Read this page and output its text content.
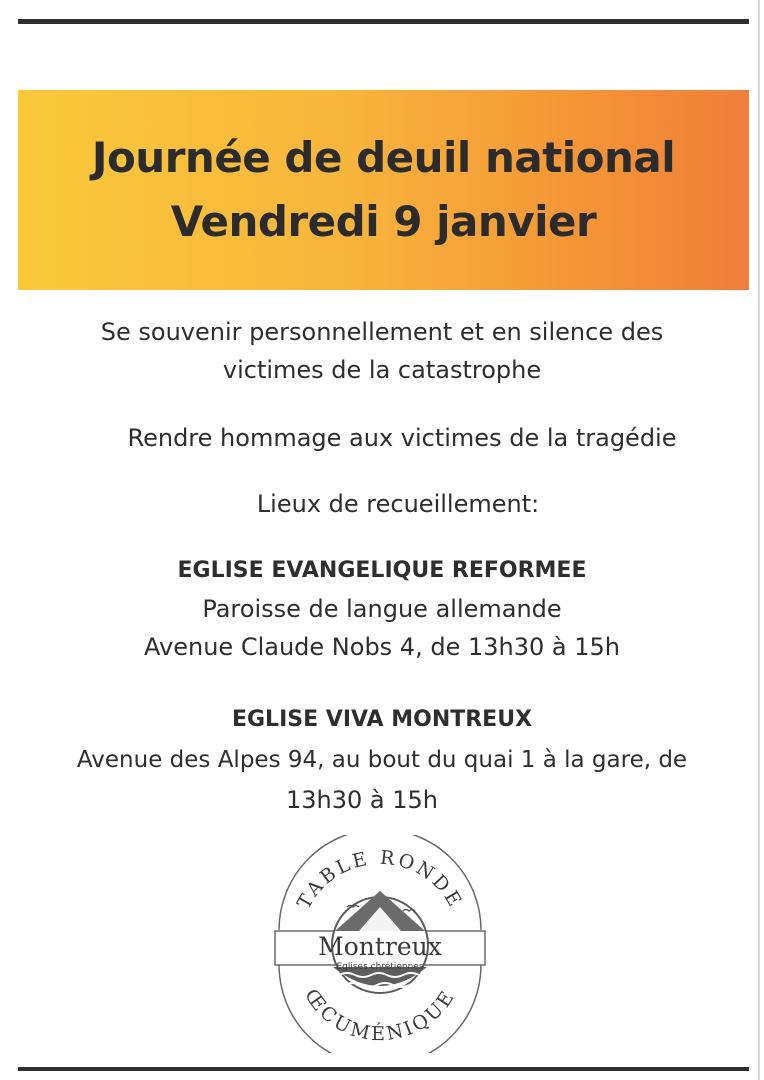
Journée de deuil national
Vendredi 9 janvier
Se souvenir personnellement et en silence des
victimes de la catastrophe
Rendre hommage aux victimes de la tragédie
Lieux de recueillement:
EGLISE EVANGELIQUE REFORMEE
Paroisse de langue allemande
Avenue Claude Nobs 4, de 13h30 à 15h
EGLISE VIVA MONTREUX
Avenue des Alpes 94, au bout du quai 1 à la gare, de
13h30 à 15h
TABLE RONDE
ŒCUMÉNIQUE
Montreux
Eglises chrétiennes
